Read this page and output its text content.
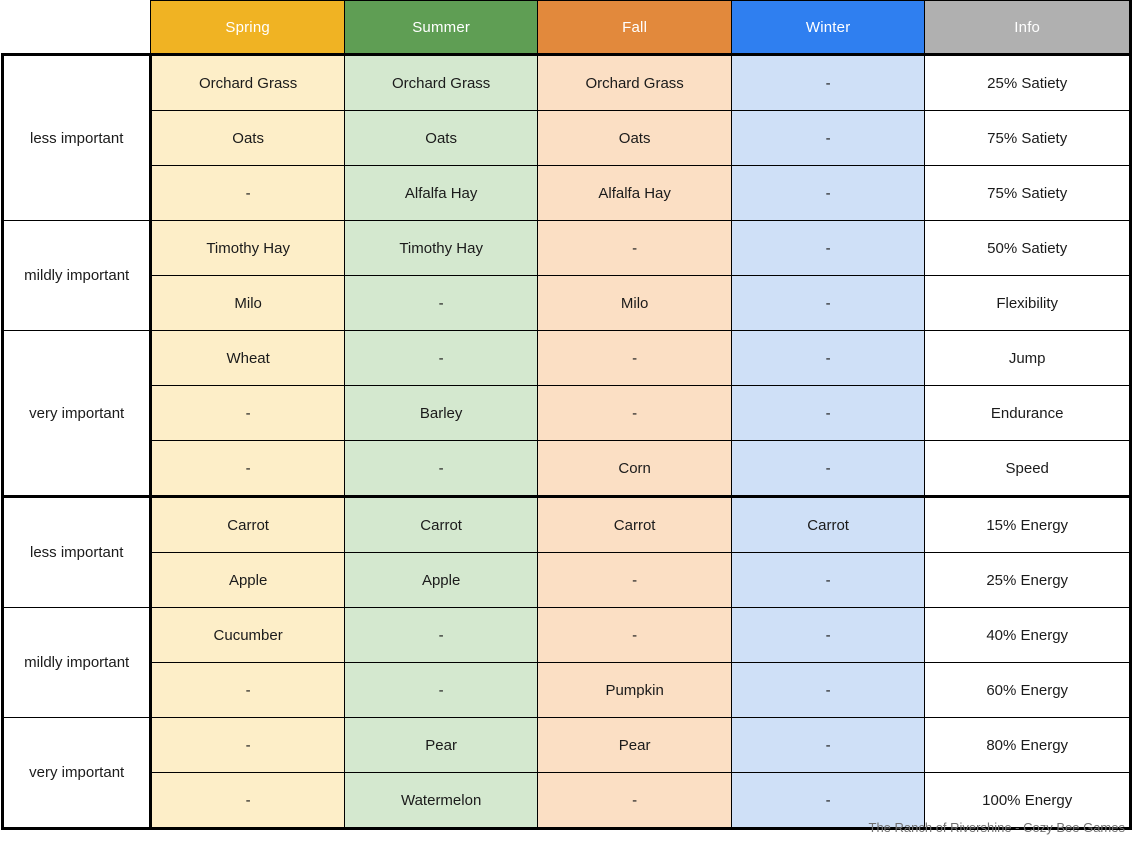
	Spring	Summer	Fall	Winter	Info
less important	Orchard Grass	Orchard Grass	Orchard Grass	-	25% Satiety
	Oats	Oats	Oats	-	75% Satiety
	-	Alfalfa Hay	Alfalfa Hay	-	75% Satiety
mildly important	Timothy Hay	Timothy Hay	-	-	50% Satiety
	Milo	-	Milo	-	Flexibility
very important	Wheat	-	-	-	Jump
	-	Barley	-	-	Endurance
	-	-	Corn	-	Speed
less important	Carrot	Carrot	Carrot	Carrot	15% Energy
	Apple	Apple	-	-	25% Energy
mildly important	Cucumber	-	-	-	40% Energy
	-	-	Pumpkin	-	60% Energy
very important	-	Pear	Pear	-	80% Energy
	-	Watermelon	-	-	100% Energy
The Ranch of Rivershine - Cozy Bee Games
